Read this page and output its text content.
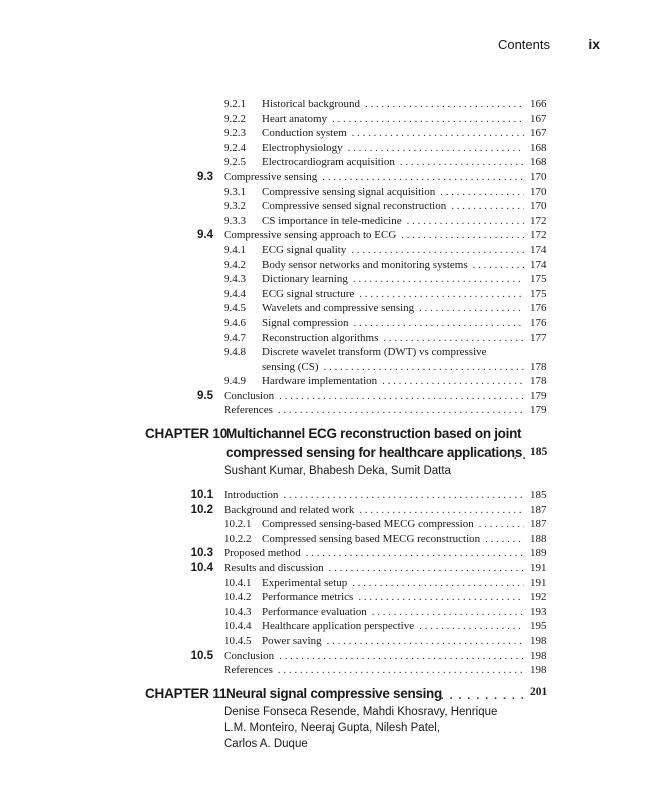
Contents	ix
9.2.1 Historical background . . .	166
9.2.2 Heart anatomy . . .	167
9.2.3 Conduction system . . .	167
9.2.4 Electrophysiology . . .	168
9.2.5 Electrocardiogram acquisition . . .	168
9.3 Compressive sensing . . .	170
9.3.1 Compressive sensing signal acquisition . . .	170
9.3.2 Compressive sensed signal reconstruction . . .	170
9.3.3 CS importance in tele-medicine . . .	172
9.4 Compressive sensing approach to ECG . . .	172
9.4.1 ECG signal quality . . .	174
9.4.2 Body sensor networks and monitoring systems . . .	174
9.4.3 Dictionary learning . . .	175
9.4.4 ECG signal structure . . .	175
9.4.5 Wavelets and compressive sensing . . .	176
9.4.6 Signal compression . . .	176
9.4.7 Reconstruction algorithms . . .	177
9.4.8 Discrete wavelet transform (DWT) vs compressive
sensing (CS) . . .	178
9.4.9 Hardware implementation . . .	178
9.5 Conclusion . . .	179
References . . .	179
CHAPTER 10
Multichannel ECG reconstruction based on joint compressed sensing for healthcare applications . . . 185
Sushant Kumar, Bhabesh Deka, Sumit Datta
10.1 Introduction . . .	185
10.2 Background and related work . . .	187
10.2.1 Compressed sensing-based MECG compression . . .	187
10.2.2 Compressed sensing based MECG reconstruction . . .	188
10.3 Proposed method . . .	189
10.4 Results and discussion . . .	191
10.4.1 Experimental setup . . .	191
10.4.2 Performance metrics . . .	192
10.4.3 Performance evaluation . . .	193
10.4.4 Healthcare application perspective . . .	195
10.4.5 Power saving . . .	198
10.5 Conclusion . . .	198
References . . .	198
CHAPTER 11 Neural signal compressive sensing . . .	201
Denise Fonseca Resende, Mahdi Khosravy, Henrique
L.M. Monteiro, Neeraj Gupta, Nilesh Patel,
Carlos A. Duque
